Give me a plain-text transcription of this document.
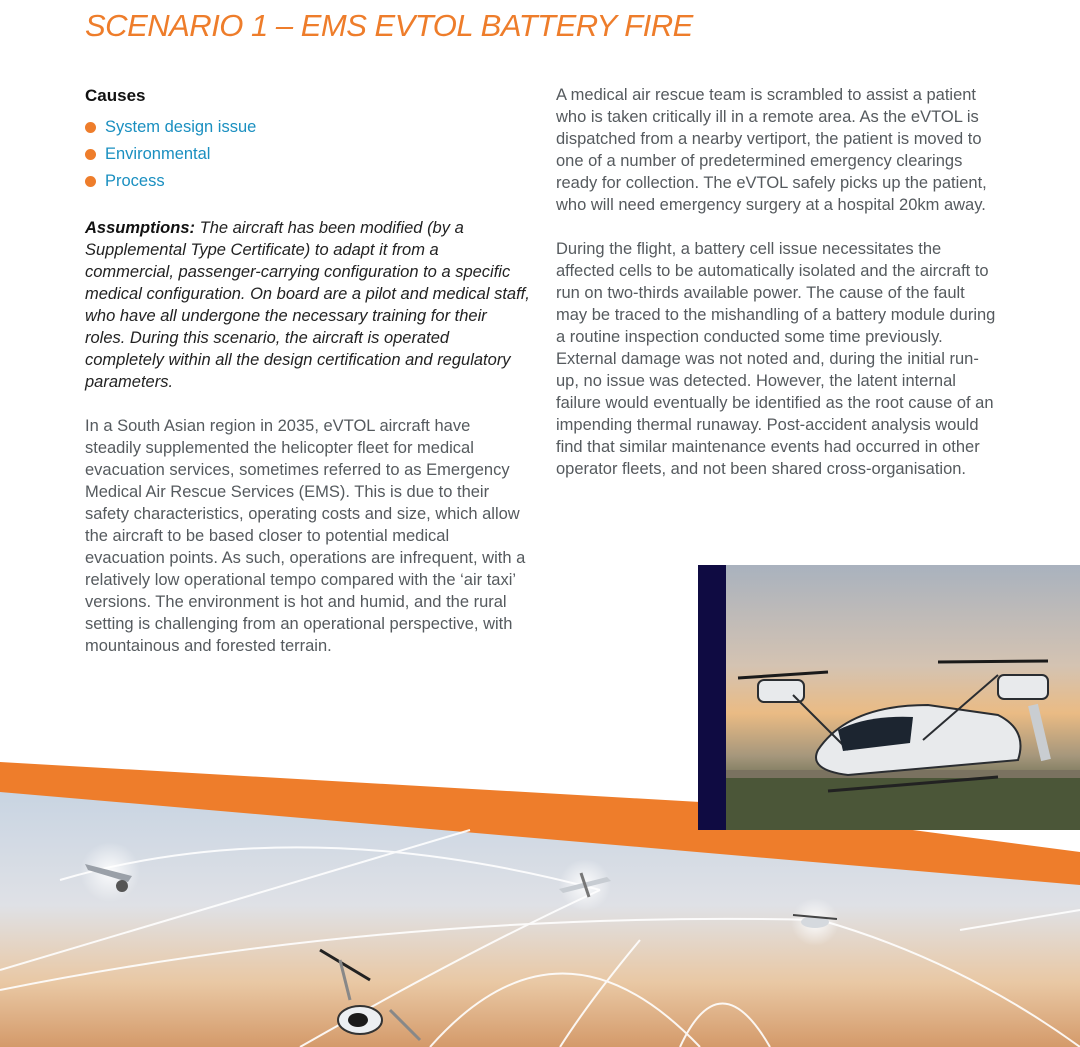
SCENARIO 1 – EMS EVTOL BATTERY FIRE
Causes
System design issue
Environmental
Process

Assumptions: The aircraft has been modified (by a Supplemental Type Certificate) to adapt it from a commercial, passenger-carrying configuration to a specific medical configuration. On board are a pilot and medical staff, who have all undergone the necessary training for their roles. During this scenario, the aircraft is operated completely within all the design certification and regulatory parameters.

In a South Asian region in 2035, eVTOL aircraft have steadily supplemented the helicopter fleet for medical evacuation services, sometimes referred to as Emergency Medical Air Rescue Services (EMS). This is due to their safety characteristics, operating costs and size, which allow the aircraft to be based closer to potential medical evacuation points. As such, operations are infrequent, with a relatively low operational tempo compared with the ‘air taxi’ versions. The environment is hot and humid, and the rural setting is challenging from an operational perspective, with mountainous and forested terrain.

A medical air rescue team is scrambled to assist a patient who is taken critically ill in a remote area. As the eVTOL is dispatched from a nearby vertiport, the patient is moved to one of a number of predetermined emergency clearings ready for collection. The eVTOL safely picks up the patient, who will need emergency surgery at a hospital 20km away.

During the flight, a battery cell issue necessitates the affected cells to be automatically isolated and the aircraft to run on two-thirds available power. The cause of the fault may be traced to the mishandling of a battery module during a routine inspection conducted some time previously. External damage was not noted and, during the initial run-up, no issue was detected. However, the latent internal failure would eventually be identified as the root cause of an impending thermal runaway. Post-accident analysis would find that similar maintenance events had occurred in other operator fleets, and not been shared cross-organisation.
